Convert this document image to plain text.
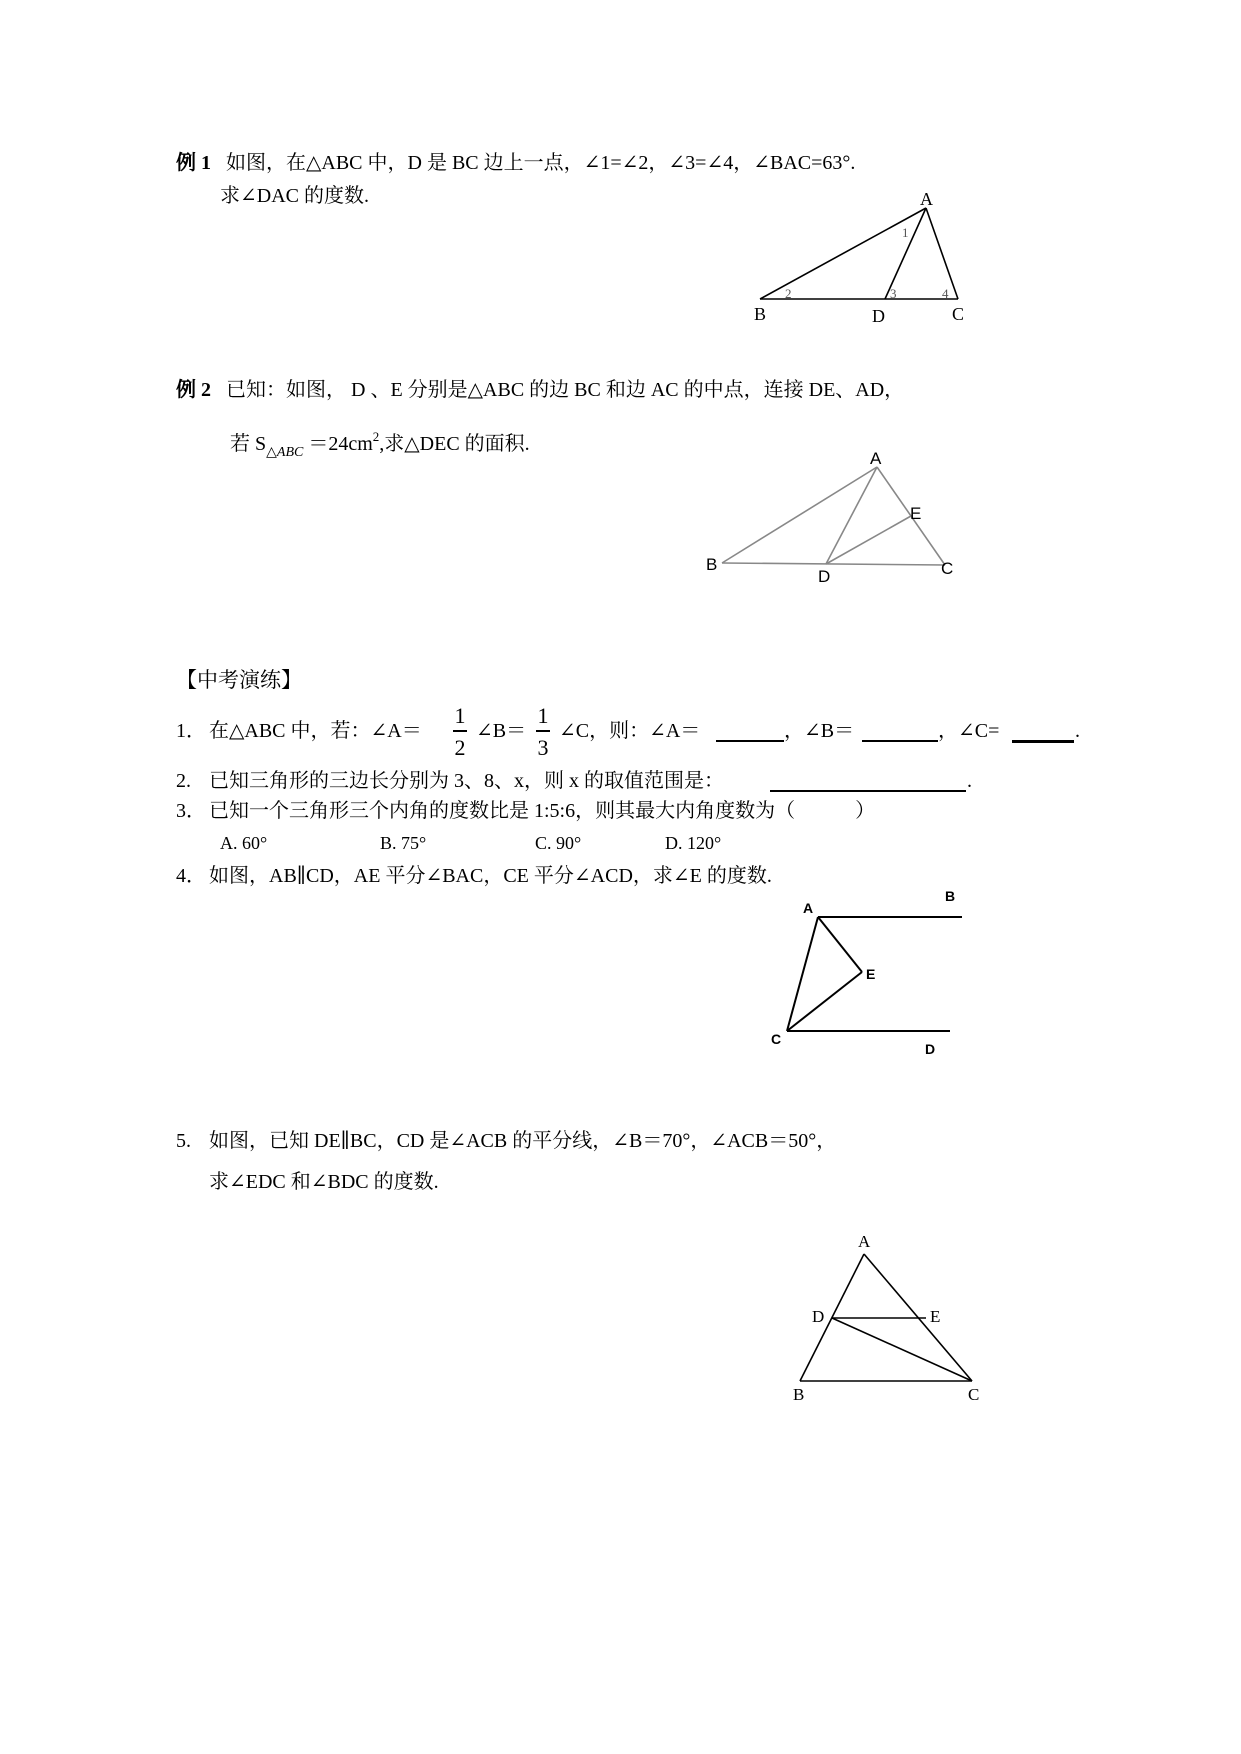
例 1 如图，在△ABC 中，D 是 BC 边上一点，∠1=∠2，∠3=∠4，∠BAC=63°.
求∠DAC 的度数.	A
B	D	C
1
2	3	4
例 2 已知：如图， D 、E 分别是△ABC 的边 BC 和边 AC 的中点，连接 DE、AD，
若 $S_{\triangle ABC} =24cm^2$,求△DEC 的面积.
A
E
B
D	C
【中考演练】
1． 在△ABC 中，若：∠A＝
1
2
∠B＝
1
3
∠C，则：∠A＝	，∠B＝	，∠C=	.
2. 已知三角形的三边长分别为 3、8、x，则 x 的取值范围是：	.
3． 已知一个三角形三个内角的度数比是 1:5:6，则其最大内角度数为（　　　）
A. 60°	B. 75°	C. 90°	D. 120°
4． 如图，AB∥CD，AE 平分∠BAC，CE 平分∠ACD，求∠E 的度数.
A
B
E
C
D
5. 如图，已知 DE∥BC，CD 是∠ACB 的平分线，∠B＝70°，∠ACB＝50°，
求∠EDC 和∠BDC 的度数.
A
D	E
B	C
